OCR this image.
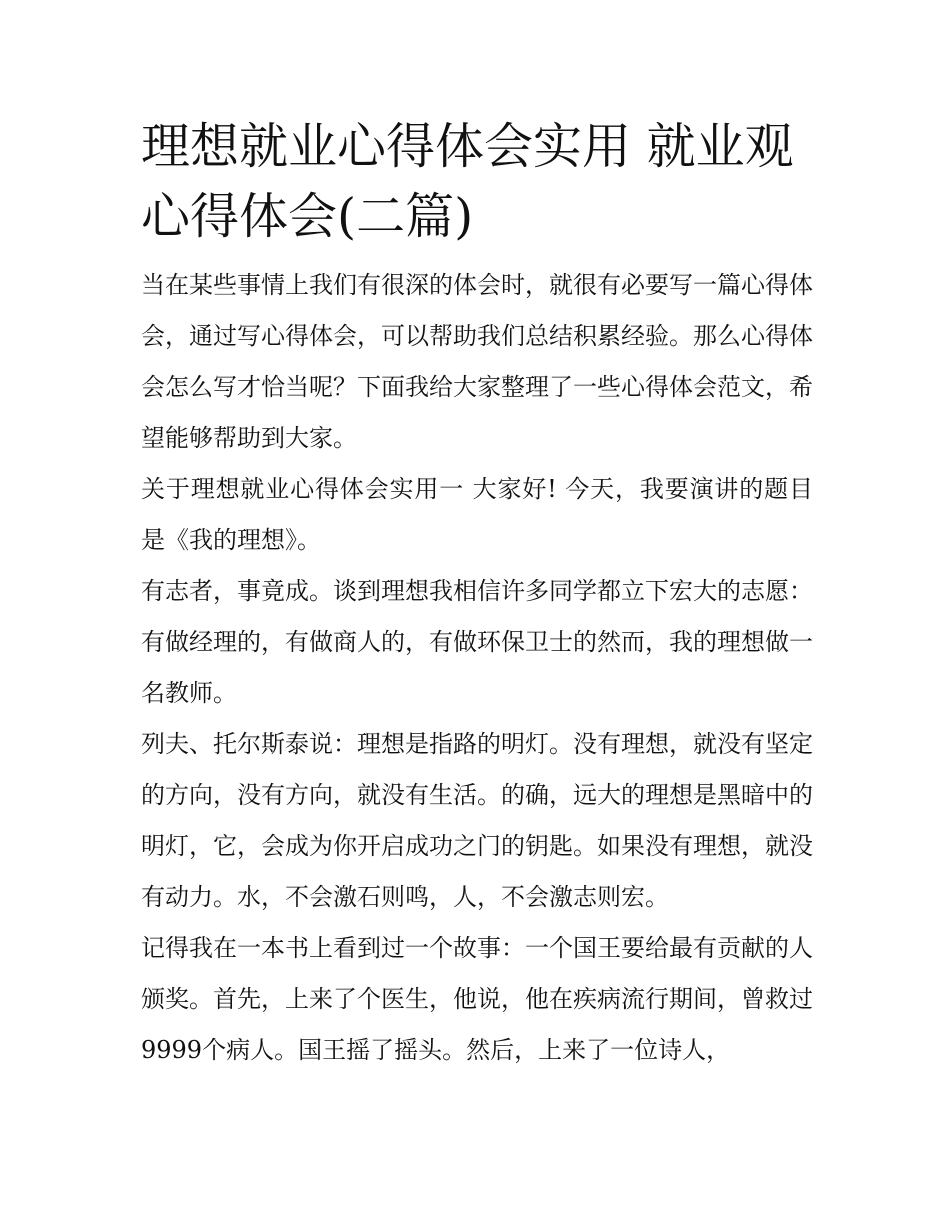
理想就业心得体会实用 就业观心得体会(二篇)

当在某些事情上我们有很深的体会时，就很有必要写一篇心得体会，通过写心得体会，可以帮助我们总结积累经验。那么心得体会怎么写才恰当呢？下面我给大家整理了一些心得体会范文，希望能够帮助到大家。

关于理想就业心得体会实用一 大家好! 今天，我要演讲的题目是《我的理想》。

有志者，事竟成。谈到理想我相信许多同学都立下宏大的志愿：有做经理的，有做商人的，有做环保卫士的然而，我的理想做一名教师。

列夫、托尔斯泰说：理想是指路的明灯。没有理想，就没有坚定的方向，没有方向，就没有生活。的确，远大的理想是黑暗中的明灯，它，会成为你开启成功之门的钥匙。如果没有理想，就没有动力。水，不会激石则鸣，人，不会激志则宏。

记得我在一本书上看到过一个故事：一个国王要给最有贡献的人颁奖。首先，上来了个医生，他说，他在疾病流行期间，曾救过9999个病人。国王摇了摇头。然后，上来了一位诗人，
